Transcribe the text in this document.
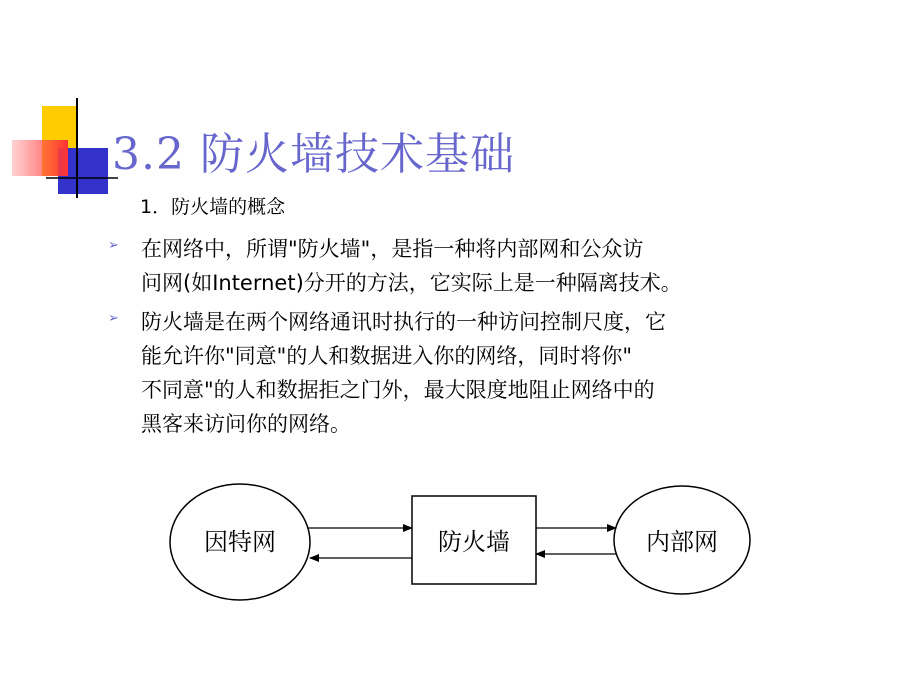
3.2 防火墙技术基础
1．防火墙的概念
➢ 在网络中，所谓"防火墙"，是指一种将内部网和公众访
问网(如Internet)分开的方法，它实际上是一种隔离技术。
➢ 防火墙是在两个网络通讯时执行的一种访问控制尺度，它
能允许你"同意"的人和数据进入你的网络，同时将你"
不同意"的人和数据拒之门外，最大限度地阻止网络中的
黑客来访问你的网络。
因特网	防火墙	内部网
